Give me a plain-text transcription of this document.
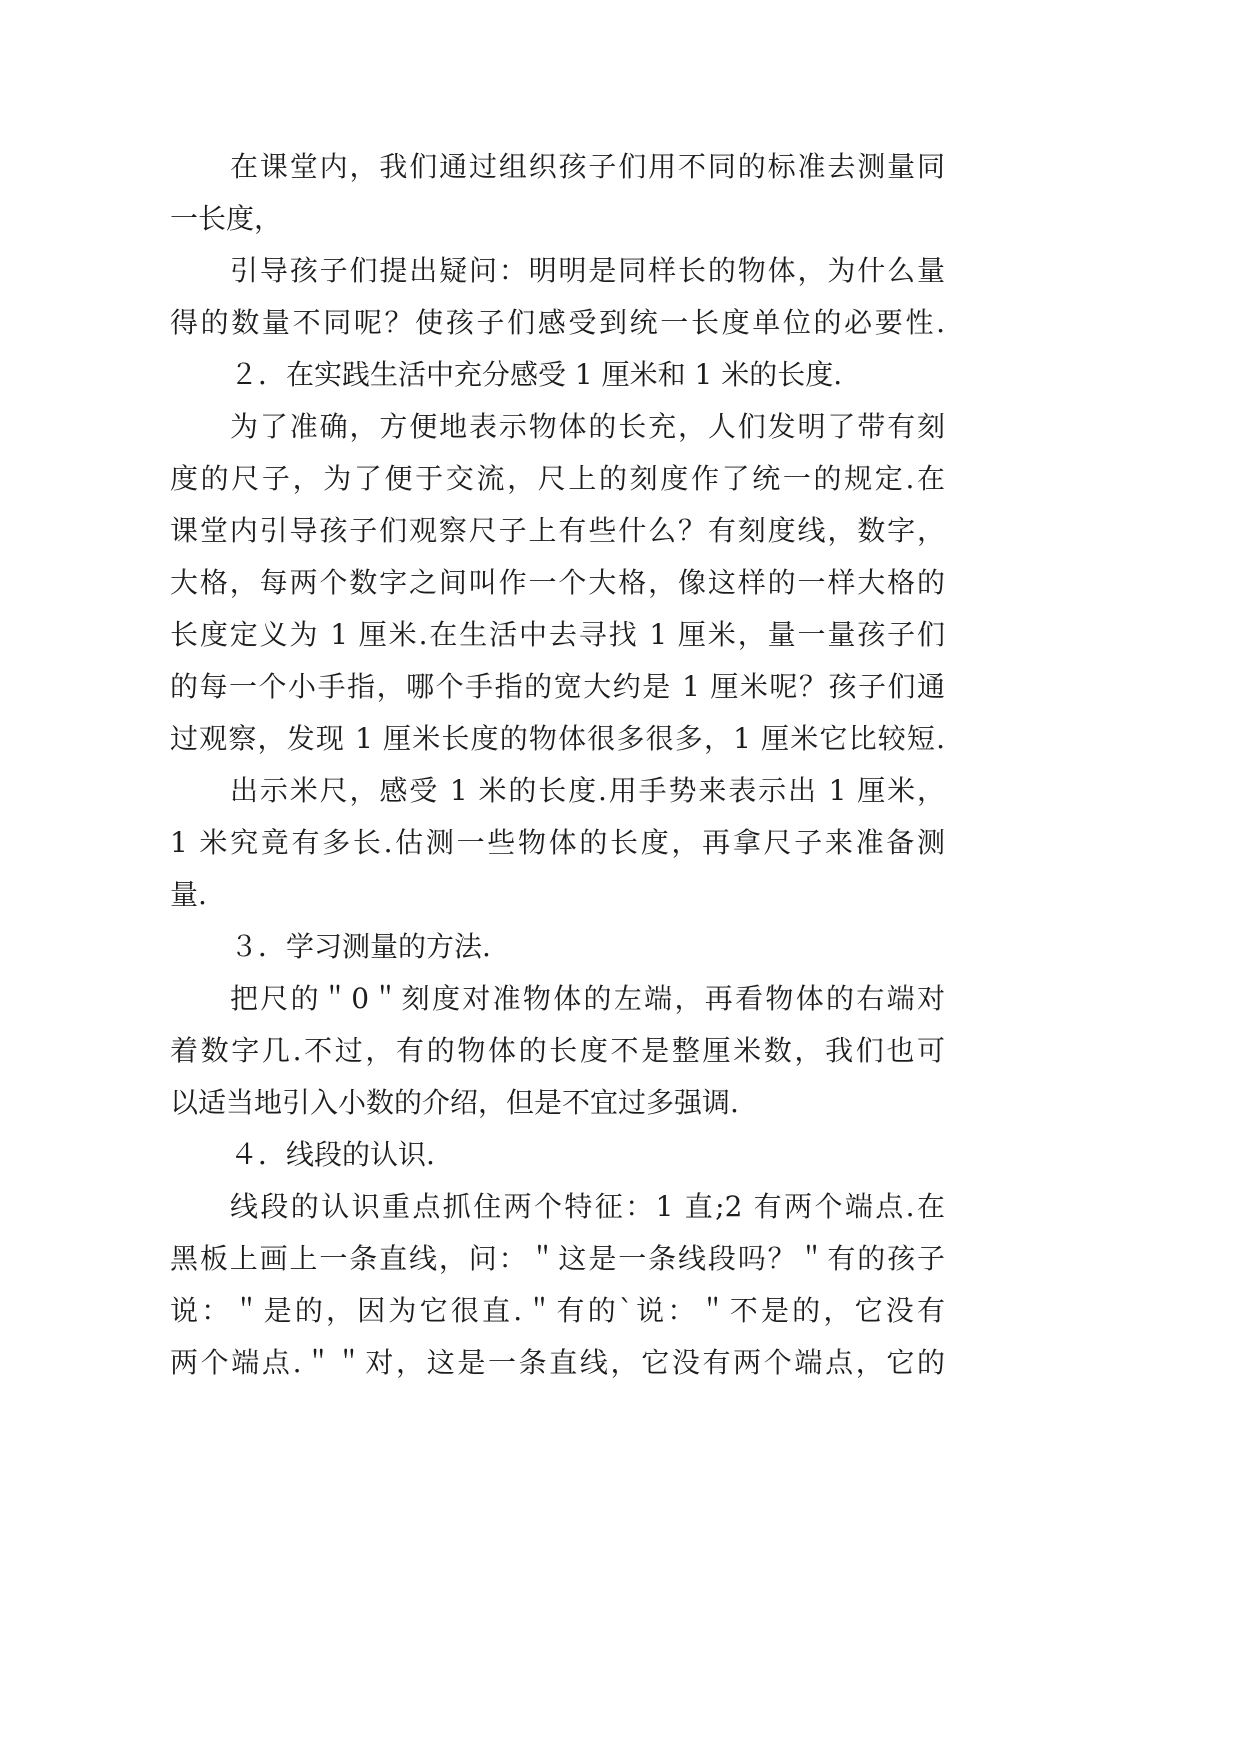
在课堂内，我们通过组织孩子们用不同的标准去测量同
一长度，
引导孩子们提出疑问：明明是同样长的物体，为什么量
得的数量不同呢？使孩子们感受到统一长度单位的必要性.
２．在实践生活中充分感受 1 厘米和 1 米的长度.
为了准确，方便地表示物体的长充，人们发明了带有刻
度的尺子，为了便于交流，尺上的刻度作了统一的规定.在
课堂内引导孩子们观察尺子上有些什么？有刻度线，数字，
大格，每两个数字之间叫作一个大格，像这样的一样大格的
长度定义为 1 厘米.在生活中去寻找 1 厘米，量一量孩子们
的每一个小手指，哪个手指的宽大约是 1 厘米呢？孩子们通
过观察，发现 1 厘米长度的物体很多很多，1 厘米它比较短.
出示米尺，感受 1 米的长度.用手势来表示出 1 厘米，
1 米究竟有多长.估测一些物体的长度，再拿尺子来准备测
量.
３．学习测量的方法.
把尺的＂0＂刻度对准物体的左端，再看物体的右端对
着数字几.不过，有的物体的长度不是整厘米数，我们也可
以适当地引入小数的介绍，但是不宜过多强调.
４．线段的认识.
线段的认识重点抓住两个特征：1 直;2 有两个端点.在
黑板上画上一条直线，问：＂这是一条线段吗？＂有的孩子
说：＂是的，因为它很直.＂有的`说：＂不是的，它没有
两个端点.＂＂对，这是一条直线，它没有两个端点，它的
